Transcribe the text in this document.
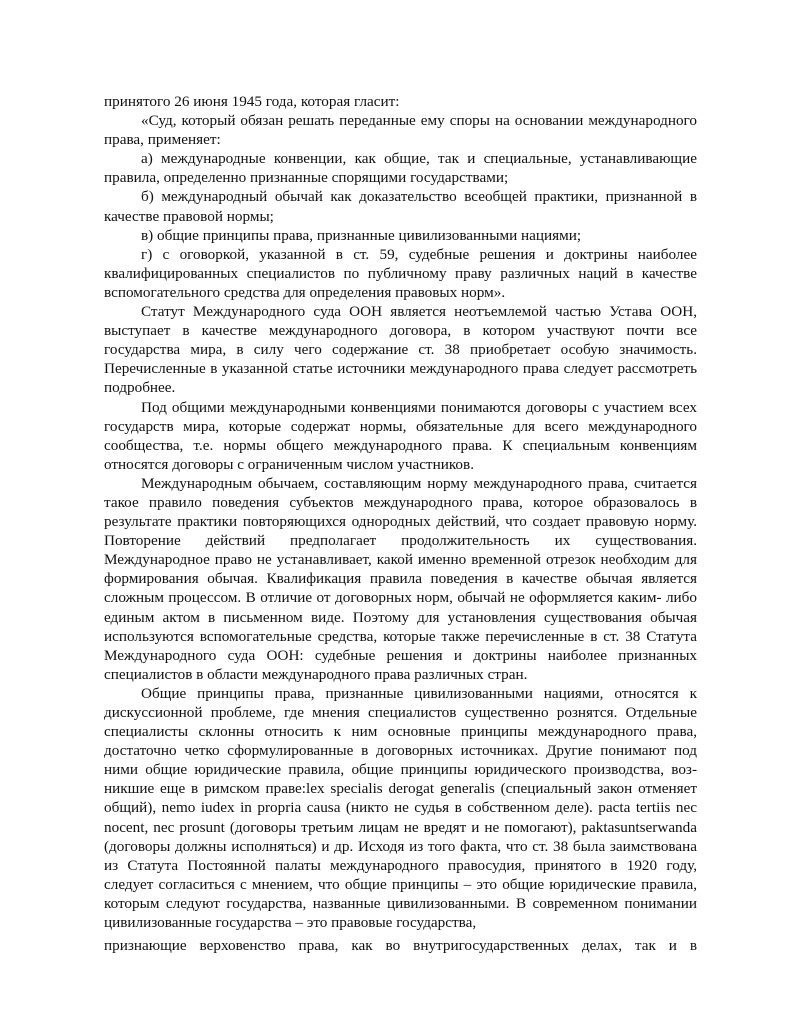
принятого 26 июня 1945 года, которая гласит:

«Суд, который обязан решать переданные ему споры на основании международного права, применяет:

а) международные конвенции, как общие, так и специальные, устанавливающие правила, определенно признанные спорящими государствами;

б) международный обычай как доказательство всеобщей практики, признанной в качестве правовой нормы;

в) общие принципы права, признанные цивилизованными нациями;

г) с оговоркой, указанной в ст. 59, судебные решения и доктрины наиболее квалифицированных специалистов по публичному праву различных наций в качестве вспомогательного средства для определения правовых норм».

Статут Международного суда ООН является неотъемлемой частью Устава ООН, выступает в качестве международного договора, в котором участвуют почти все государства мира, в силу чего содержание ст. 38 приобретает особую значимость. Перечисленные в указанной статье источники международного права следует рассмотреть подробнее.

Под общими международными конвенциями понимаются договоры с участием всех государств мира, которые содержат нормы, обязательные для всего международного сообщества, т.е. нормы общего международного права. К специальным конвенциям относятся договоры с ограниченным числом участников.

Международным обычаем, составляющим норму международного права, считается такое правило поведения субъектов международного права, которое образовалось в результате практики повторяющихся однородных действий, что создает правовую норму. Повторение действий предполагает продолжительность их существования. Международное право не устанавливает, какой именно временной отрезок необходим для формирования обычая. Квалификация правила поведения в качестве обычая является сложным процессом. В отличие от договорных норм, обычай не оформляется каким- либо единым актом в письменном виде. Поэтому для установления существования обычая используются вспомогательные средства, которые также перечисленные в ст. 38 Статута Международного суда ООН: судебные решения и доктрины наиболее признанных специалистов в области международного права различных стран.

Общие принципы права, признанные цивилизованными нациями, относятся к дискуссионной проблеме, где мнения специалистов существенно рознятся. Отдельные специалисты склонны относить к ним основные принципы международного права, достаточно четко сформулированные в договорных источниках. Другие понимают под ними общие юридические правила, общие принципы юридического производства, возникшие еще в римском праве:lex specialis derogat generalis (специальный закон отменяет общий), nemo iudex in propria causa (никто не судья в собственном деле). pacta tertiis nec nocent, nec prosunt (договоры третьим лицам не вредят и не помогают), paktasuntserwanda (договоры должны исполняться) и др. Исходя из того факта, что ст. 38 была заимствована из Статута Постоянной палаты международного правосудия, принятого в 1920 году, следует согласиться с мнением, что общие принципы – это общие юридические правила, которым следуют государства, названные цивилизованными. В современном понимании цивилизованные государства – это правовые государства,

признающие верховенство права, как во внутригосударственных делах, так и в
